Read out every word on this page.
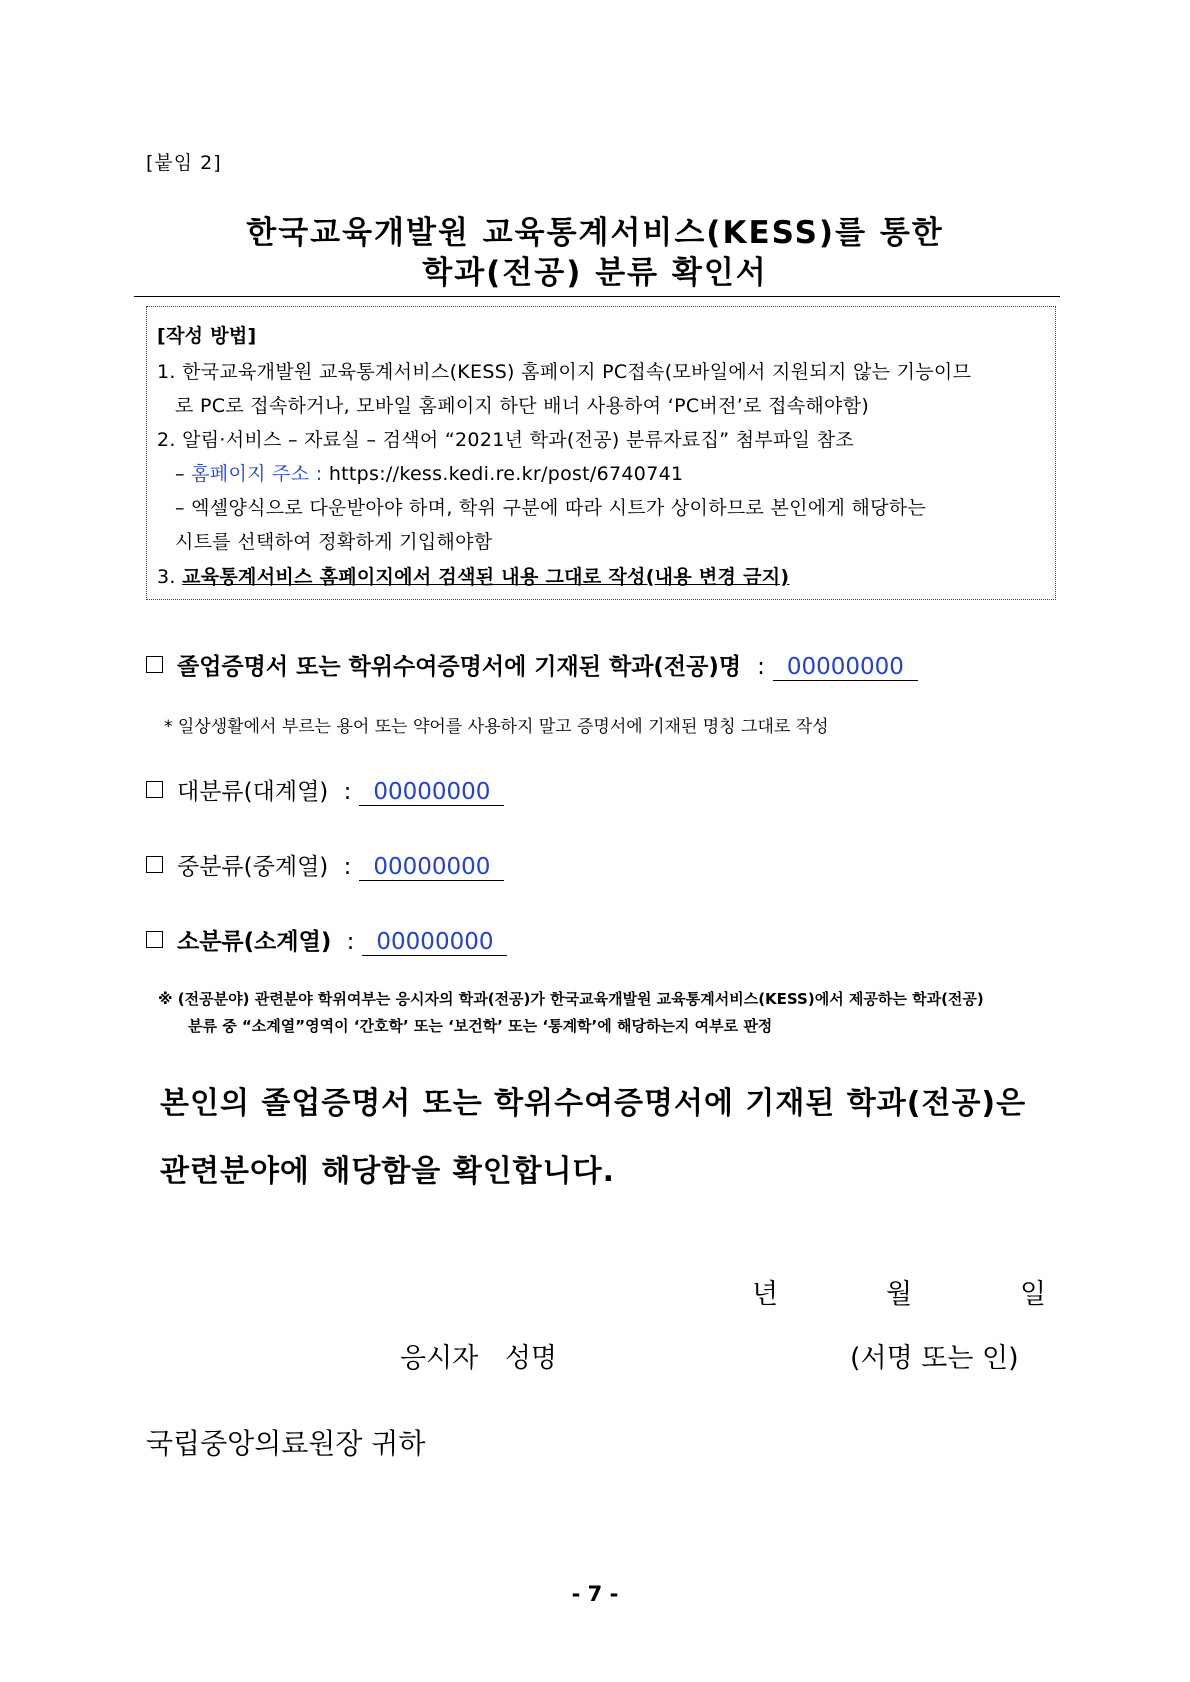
[붙임 2]
한국교육개발원 교육통계서비스(KESS)를 통한
학과(전공) 분류 확인서
[작성 방법]
1. 한국교육개발원 교육통계서비스(KESS) 홈페이지 PC접속(모바일에서 지원되지 않는 기능이므
로 PC로 접속하거나, 모바일 홈페이지 하단 배너 사용하여 ‘PC버전’로 접속해야함)
2. 알림·서비스 – 자료실 – 검색어 “2021년 학과(전공) 분류자료집” 첨부파일 참조
– 홈페이지 주소 : https://kess.kedi.re.kr/post/6740741
– 엑셀양식으로 다운받아야 하며, 학위 구분에 따라 시트가 상이하므로 본인에게 해당하는
시트를 선택하여 정확하게 기입해야함
3. 교육통계서비스 홈페이지에서 검색된 내용 그대로 작성(내용 변경 금지)
졸업증명서 또는 학위수여증명서에 기재된 학과(전공)명 : 00000000
* 일상생활에서 부르는 용어 또는 약어를 사용하지 말고 증명서에 기재된 명칭 그대로 작성
대분류(대계열) : 00000000
중분류(중계열) : 00000000
소분류(소계열) : 00000000
※ (전공분야) 관련분야 학위여부는 응시자의 학과(전공)가 한국교육개발원 교육통계서비스(KESS)에서 제공하는 학과(전공)
분류 중 “소계열”영역이 ‘간호학’ 또는 ‘보건학’ 또는 ‘통계학’에 해당하는지 여부로 판정
본인의 졸업증명서 또는 학위수여증명서에 기재된 학과(전공)은
관련분야에 해당함을 확인합니다.
년	월	일
응시자 성명	(서명 또는 인)
국립중앙의료원장 귀하
- 7 -
